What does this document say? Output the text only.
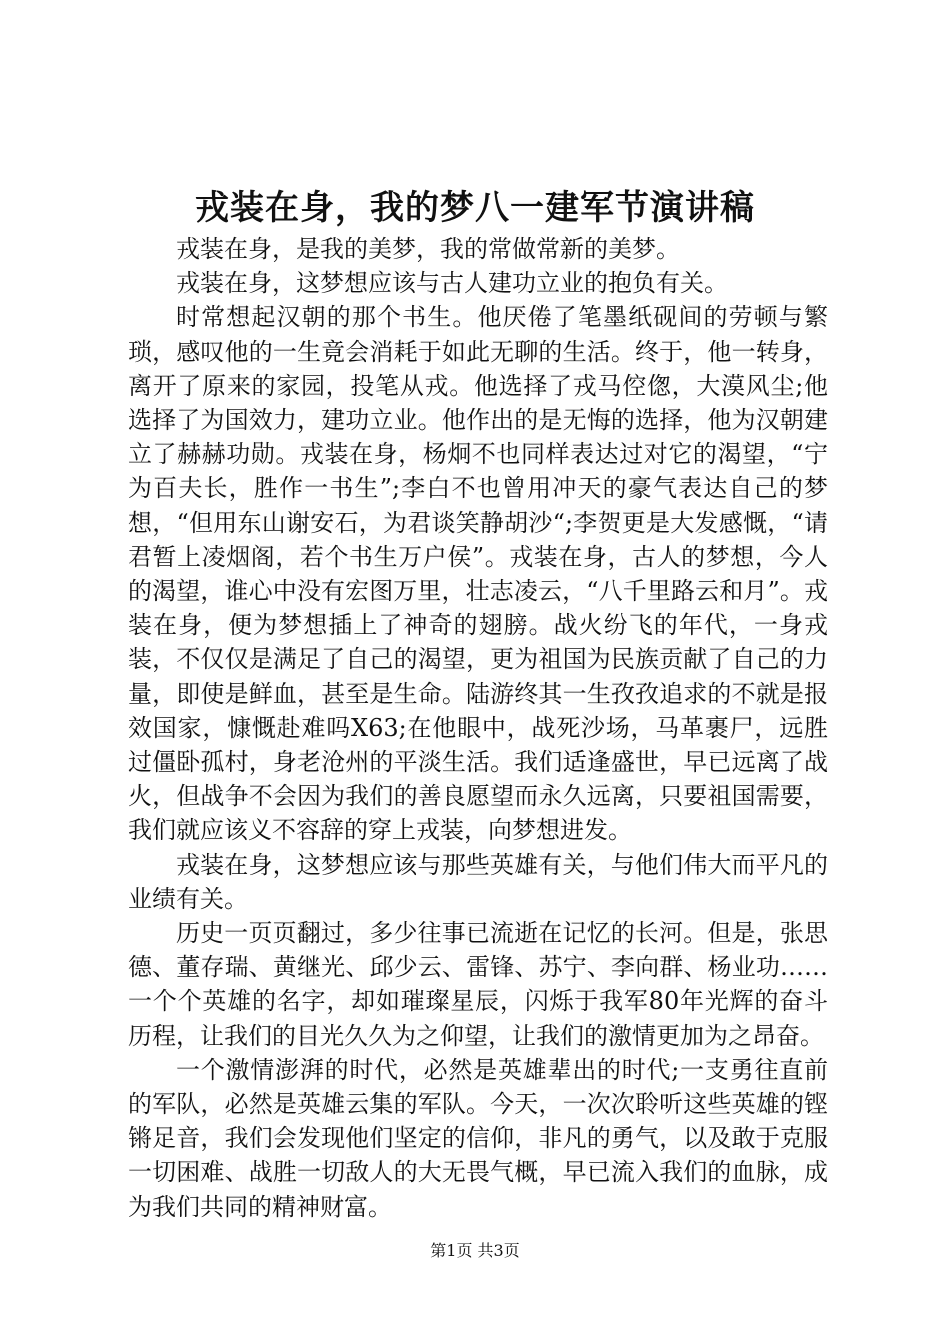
戎装在身，我的梦八一建军节演讲稿

戎装在身，是我的美梦，我的常做常新的美梦。

戎装在身，这梦想应该与古人建功立业的抱负有关。

时常想起汉朝的那个书生。他厌倦了笔墨纸砚间的劳顿与繁琐，感叹他的一生竟会消耗于如此无聊的生活。终于，他一转身，离开了原来的家园，投笔从戎。他选择了戎马倥偬，大漠风尘;他选择了为国效力，建功立业。他作出的是无悔的选择，他为汉朝建立了赫赫功勋。戎装在身，杨炯不也同样表达过对它的渴望，“宁为百夫长，胜作一书生”;李白不也曾用冲天的豪气表达自己的梦想，“但用东山谢安石，为君谈笑静胡沙“;李贺更是大发感慨，“请君暂上凌烟阁，若个书生万户侯”。戎装在身，古人的梦想，今人的渴望，谁心中没有宏图万里，壮志凌云，“八千里路云和月”。戎装在身，便为梦想插上了神奇的翅膀。战火纷飞的年代，一身戎装，不仅仅是满足了自己的渴望，更为祖国为民族贡献了自己的力量，即使是鲜血，甚至是生命。陆游终其一生孜孜追求的不就是报效国家，慷慨赴难吗X63;在他眼中，战死沙场，马革裹尸，远胜过僵卧孤村，身老沧州的平淡生活。我们适逢盛世，早已远离了战火，但战争不会因为我们的善良愿望而永久远离，只要祖国需要，我们就应该义不容辞的穿上戎装，向梦想进发。

戎装在身，这梦想应该与那些英雄有关，与他们伟大而平凡的业绩有关。

历史一页页翻过，多少往事已流逝在记忆的长河。但是，张思德、董存瑞、黄继光、邱少云、雷锋、苏宁、李向群、杨业功……一个个英雄的名字，却如璀璨星辰，闪烁于我军80年光辉的奋斗历程，让我们的目光久久为之仰望，让我们的激情更加为之昂奋。

一个激情澎湃的时代，必然是英雄辈出的时代;一支勇往直前的军队，必然是英雄云集的军队。今天，一次次聆听这些英雄的铿锵足音，我们会发现他们坚定的信仰，非凡的勇气，以及敢于克服一切困难、战胜一切敌人的大无畏气概，早已流入我们的血脉，成为我们共同的精神财富。

第1页 共3页
